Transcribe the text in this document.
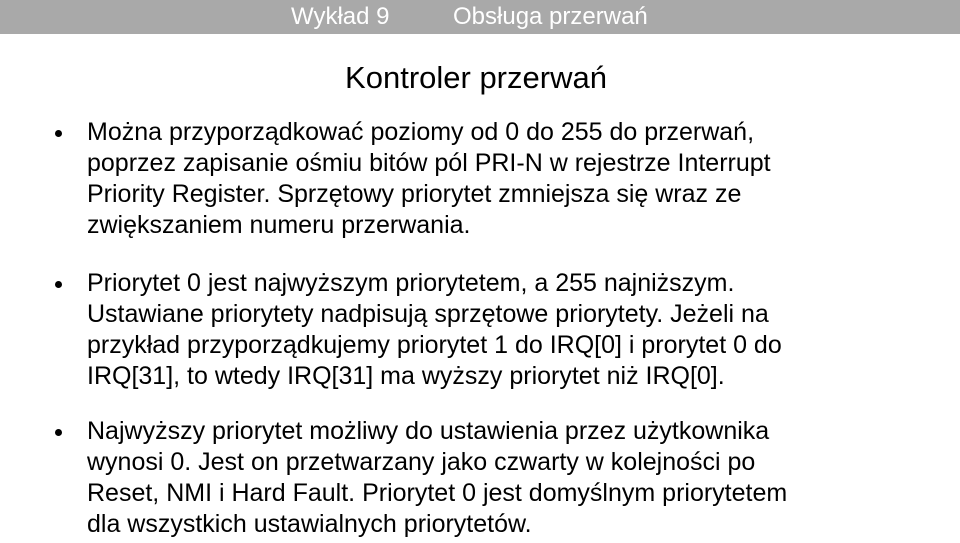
Wykład 9	Obsługa przerwań
Kontroler przerwań
Można przyporządkować poziomy od 0 do 255 do przerwań,
poprzez zapisanie ośmiu bitów pól PRI-N w rejestrze Interrupt
Priority Register. Sprzętowy priorytet zmniejsza się wraz ze
zwiększaniem numeru przerwania.
Priorytet 0 jest najwyższym priorytetem, a 255 najniższym.
Ustawiane priorytety nadpisują sprzętowe priorytety. Jeżeli na
przykład przyporządkujemy priorytet 1 do IRQ[0] i prorytet 0 do
IRQ[31], to wtedy IRQ[31] ma wyższy priorytet niż IRQ[0].
Najwyższy priorytet możliwy do ustawienia przez użytkownika
wynosi 0. Jest on przetwarzany jako czwarty w kolejności po
Reset, NMI i Hard Fault. Priorytet 0 jest domyślnym priorytetem
dla wszystkich ustawialnych priorytetów.
